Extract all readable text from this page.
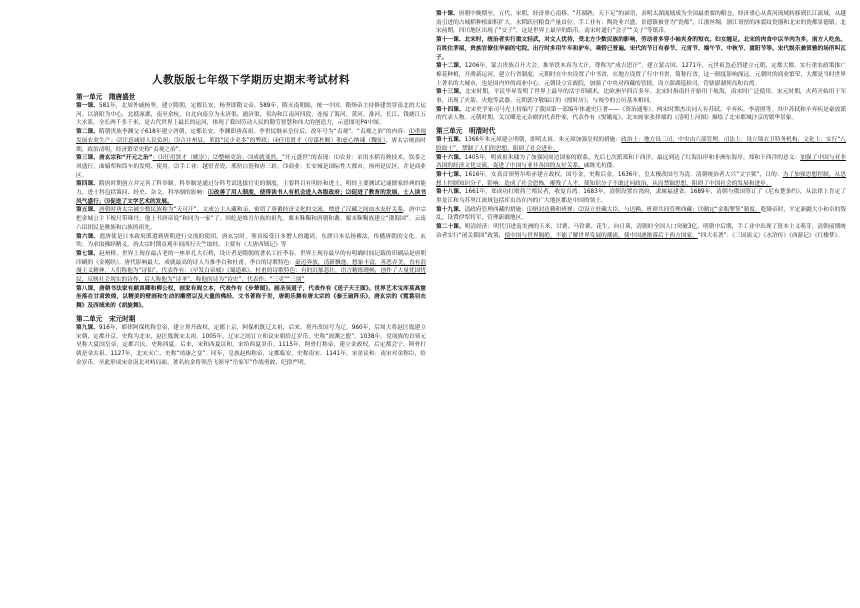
人教版版七年级下学期历史期末考试材料
第一单元　隋唐盛世

第一课、581年，北周外戚杨坚，建立隋朝，定都长安，杨坚即隋文帝。589年，隋灭南朝陈，统一中国。隋炀帝主持修建贯穿南北的大运河。以洛阳为中心，北抵涿郡，南至余杭，自北向南分为永济渠、通济渠、邗沟和江南河四段，连接了海河、黄河、淮河、长江、钱塘江五大水系，全长两千多千米，是古代世界上最长的运河，体现了我国劳动人民的勤劳智慧和伟大的创造力，示意图见P4中图。

第二课、隋朝贵族李渊父子618年建立唐朝，定都长安，李渊即唐高祖。李世民继承皇位后，改年号为“贞观”。“贞观之治”的内容：⑴重视发展农业生产；⑵注意减轻人民负担；⑶合并州县，革除“民少吏多”的弊政；⑷任用贤才（房谋杜断）和虚心纳谏（魏征），唐太宗统治时期，政治清明，经济繁荣史称“贞观之治”。

第三课、唐玄宗和“开元之治”：⑴任用贤才（姚崇）；⑵整顿吏治；⑶成就斐然。“开元盛世”的表现：⑴农业：采用水稻育秧技术，饮茶之风盛行，曲辕犁和筒车的发明、使用。⑵手工业：越窑青瓷、邢窑白瓷和唐三彩。⑶商业：长安城是国际性大都市，扬州是民区，并是商业区。

第四课、隋唐时期创立并完善了科举制。科举制是通过分科考试选拔官吏的制度，主要科目有明经和进士，明经主要测试记诵儒家经典的能力，进士科包括策问、经史、杂文，科举制的影响：⑴改善了用人制度，使得读书人有机会进入各级政府；⑵促进了教育的发展，士人读书风气盛行；⑶促进了文学艺术的发展。

第五课、唐朝时唐太宗被少数民族称为“天可汗”。文成公主入藏和亲，密切了唐蕃经济文化的交流，增进了汉藏之间血水友好关系。唐中宗把金城公主下嫁尺带珠丹，他上书唐帝说“和同为一家”了。回纥是维吾尔族的祖先。粟末靺鞨和唐朝和蕃。粟末靺鞨族建立“渤海国”。云南六诏团民是彝族和白族的祖先。

第六课、遣唐使是日本政府派遣到唐朝进行交流的使团，唐玄宗时，鉴真接受日本僧人的邀请，东渡日本弘扬佛法，传播唐朝的文化。玄奘：为求取佛经精义，唐太宗时期贞观年间西行天竺取经，主要有《大唐西域记》等

第七课、赵州桥，世界上现存最古老的一座单孔大石桥，设计者是隋朝的著名工匠李春。世界上现存最早的有明确时间记载的印刷品是唐朝印刷的《金刚经》。唐代影响最大、成就最高的诗人当推李白和杜甫。李白的诗歌特色：豪迈奔放，清新飘逸，想象丰富，善恶弄美，直有浪漫主义精神，人们称他为“诗仙”。代表作有：《早发白帝城》《蜀道难》。杜甫的诗歌特色：有的沉郁悲壮，语言精练晓畅，创作了大量忧国忧民，反映社会现实的诗作，后人称他为“诗圣”，称他的诗为“诗史”，代表作：“三吏”“三别”

第八课、唐朝书法家有颜真卿和柳公权，画家有阎立本，代表作有《步辇图》。画圣吴道子，代表作有《送子天王图》。世界艺术宝库莫高窟坐落在甘肃敦煌，以精美的壁画和生动的雕塑以及大量的佛经、文书著称于世，唐朝乐舞有唐太宗的《秦王破阵乐》，唐玄宗的《霓裳羽衣舞》及西域来的《胡旋舞》。

第二单元　宋元时期

第九课、916年，耶律阿保机称皇帝，建立契丹政权，定都上京，阿保机既辽太祖，后来，契丹改国号为辽。960年，后周大将赵匡胤建立宋朝，定都开京，史称为北宋，赵匡胤既宋太祖。1005年，辽宋之间订立和议宋朝给辽岁币，史称“澶渊之盟”。1038年，党项族的首领元昊称大夏国皇帝，定都兴庆，史称西夏。后来，宋和西夏议和，宋给西夏岁币。1115年，阿骨打称帝，建立金政权，后定都会宁。阿骨打就是金太祖。1127年，北宋灭亡，史称“靖康之变”。同年，皇族赵构称帝，定都临安，史称南宋。1141年，宋金议和：南宋对金称臣，给金岁币。至此形成宋金南北对峙局面。著名抗金将领岳飞领导“岳家军”作战勇敢、纪律严明。

第十课、唐朝中晚期至，五代、宋朝，经济重心南移。“苏湖熟，天下足”的谚语，表明太湖流域成为全国最重要的粮仓。经济重心从黄河流域转移到长江流域，从越南引进的占城稻种植面积扩大，水稻跃居粮食产量首位。手工业有：陶瓷业兴盛，景德镇被誉为“瓷都”，江浙丝绸，浙江哥窑的冰裂纹瓷器和北宋的瓷都景德镇。北宋前期，四川地区出现了“交子”，这是世界上最早的纸币。南宋时通行“会子”“关子”等纸币。

第十一课、北宋时，统治者实行重文轻武，对文人优待，受北方少数民族的影响，劳动者多穿小袖夹身的短衣。妇女缠足。北宋的肉食中以羊肉为多，南方人吃鱼。百姓住茅屋，贵族官僚住华丽的宅院。出行时多用牛车和驴车，乘轿已普遍。宋代的节日有春节、元宵节、端午节、中秋节、重阳节等。宋代娱乐兼赏雅的场所叫瓦子。

第十二课、1206年，蒙古贵族召开大会，推举铁木真为大汗，尊称为“成吉思汗”，建立蒙古国。1271年，元世祖忽必烈建立元朝，定都大都，实行重农政策推广棉花种植，开凿新运河，建立行省制度。元朝时在中央设置了中书省，在地方设置了行中书省，简称行省，这一制度影响深远。元朝时的商业繁荣，大都是当时世界上著名的大城市，也是国内外的商业中心。元朝设立宣政院，加强了中央对西藏的管辖，设立澎湖巡检司，管辖澎湖列岛和台湾。

第十三课、北宋时期，平民毕昇发明了世界上最早的活字印刷术，比欧洲早四百多年。北宋时指南针开始用于航海，南宋时广泛使用。宋元时期，火药开始用于军事，出现了火箭、火炮等武器。元朝郭守敬编订的《授时历》，与现今的公历基本相同。

第十四课、北宋史学家司马光主持编写了我国第一部编年体通史巨著——《资治通鉴》。两宋时期杰出词人有苏轼、辛弃疾、李清照等。其中苏轼和辛弃疾是豪放派的代表人物。元朝时期，关汉卿是元杂剧的代表作家，代表作有《窦娥冤》。北宋画家张择端的《清明上河图》描绘了北宋都城汴京的繁华景象。

第三单元　明清时代

第十五课、1368年朱元璋建立明朝，即明太祖。朱元璋加强皇权的措施：政治上：地方设三司，中央由六部管理，司法上：设立锦衣卫特务机构，文化上：实行“八股取士”，禁锢了人们的思想，阻碍了社会进步。

第十六课、1405年，明成祖朱棣为了加强同周边国家的联系，先后七次派郑和下西洋，最远到达了红海沿岸和非洲东海岸。郑和下西洋的意义：加强了中国与亚非各国的经济文化交流，促进了中国与亚非各国的友好关系，戚继光抗倭。

第十七课、1616年，女真首领努尔哈赤建立政权，国号金，史称后金。1636年，皇太极改国号为清。清朝统治者大兴“文字狱”，目的：为了加强思想控制，从思想上控制知识分子，影响：造成了社会恐怖，摧残了人才，使知识分子不敢过问政治，从而禁锢思想，阻碍了中国社会的发展和进步。

第十八课、1661年，郑成功打败荷兰殖民者，收复台湾。1683年，清朝设置台湾府，隶属福建省。1689年，清朝与俄国签订了《尼布楚条约》，从法律上肯定了黑龙江和乌苏里江流域包括库页岛在内的广大地区都是中国的领土。

第十九课、清政府管理西藏的措施：⑴册封达赖和班禅；⑵设立驻藏大臣，与达赖、班禅共同管理西藏；⑶制定“金瓶掣签”制度。乾隆帝时，平定新疆大小和卓的叛乱，设置伊犁将军，管理新疆地区。

第二十课、明清经济：明代引进南美洲的玉米、甘薯、马铃薯、花生、向日葵，清朝时全国人口突破3亿。明朝中后期，手工业中出现了资本主义萌芽。清朝前期统治者实行“闭关锁国”政策，使中国与世界隔绝，不能了解世界发展的潮流，使中国逐渐落后于西方国家。“四大名著”：《三国演义》《水浒传》《西游记》《红楼梦》。
